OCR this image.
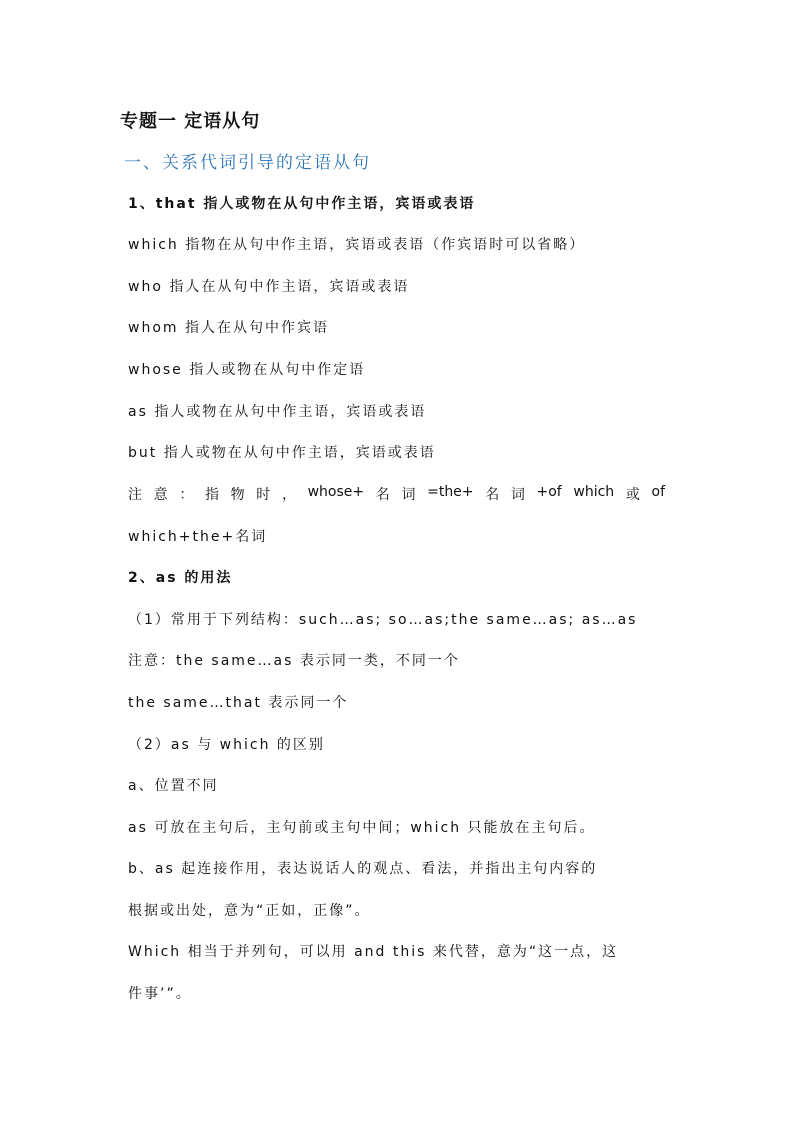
专题一 定语从句
一、关系代词引导的定语从句
1、that 指人或物在从句中作主语，宾语或表语
which 指物在从句中作主语，宾语或表语（作宾语时可以省略）
who 指人在从句中作主语，宾语或表语
whom 指人在从句中作宾语
whose 指人或物在从句中作定语
as 指人或物在从句中作主语，宾语或表语
but 指人或物在从句中作主语，宾语或表语
注 意 ： 指 物 时 ， whose+ 名 词 =the+ 名 词 +of which 或 of
which+the+名词
2、as 的用法
（1）常用于下列结构：such…as; so…as;the same…as; as…as
注意：the same…as 表示同一类，不同一个
the same…that 表示同一个
（2）as 与 which 的区别
a、位置不同
as 可放在主句后，主句前或主句中间；which 只能放在主句后。
b、as 起连接作用，表达说话人的观点、看法，并指出主句内容的
根据或出处，意为“正如，正像”。
Which 相当于并列句，可以用 and this 来代替，意为“这一点，这
件事’”。
